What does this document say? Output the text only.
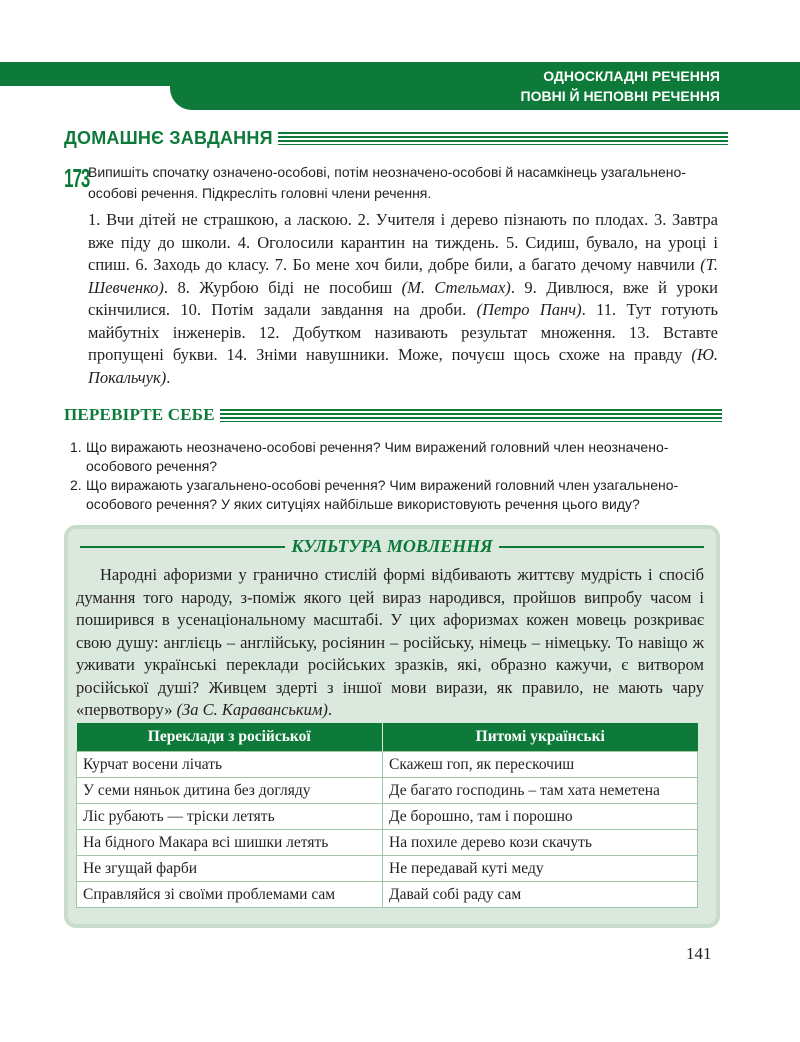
ОДНОСКЛАДНІ РЕЧЕННЯ
ПОВНІ Й НЕПОВНІ РЕЧЕННЯ
ДОМАШНЄ ЗАВДАННЯ
173
Випишіть спочатку означено-особові, потім неозначено-особові й насамкінець узагальнено-особові речення. Підкресліть головні члени речення.
1. Вчи дітей не страшкою, а ласкою. 2. Учителя і дерево пізнають по плодах. 3. Завтра вже піду до школи. 4. Оголосили карантин на тиждень. 5. Сидиш, бувало, на уроці і спиш. 6. Заходь до класу. 7. Бо мене хоч били, добре били, а багато дечому навчили (Т. Шевченко). 8. Журбою біді не пособиш (М. Стельмах). 9. Дивлюся, вже й уроки скінчилися. 10. Потім задали завдання на дроби. (Петро Панч). 11. Тут готують майбутніх інженерів. 12. Добутком називають результат множення. 13. Вставте пропущені букви. 14. Зніми навушники. Може, почуєш щось схоже на правду (Ю. Покальчук).
ПЕРЕВІРТЕ СЕБЕ
1. Що виражають неозначено-особові речення? Чим виражений головний член неозначено-особового речення?
2. Що виражають узагальнено-особові речення? Чим виражений головний член узагальнено-особового речення? У яких ситуціях найбільше використовують речення цього виду?
КУЛЬТУРА МОВЛЕННЯ
Народні афоризми у гранично стислій формі відбивають життєву мудрість і спосіб думання того народу, з-поміж якого цей вираз народився, пройшов випробу часом і поширився в усенаціональному масштабі. У цих афоризмах кожен мовець розкриває свою душу: англієць – англійську, росіянин – російську, німець – німецьку. То навіщо ж уживати українські переклади російських зразків, які, образно кажучи, є витвором російської душі? Живцем здерті з іншої мови вирази, як правило, не мають чару «первотвору» (За С. Караванським).
Переклади з російської	Питомі українські
Курчат восени лічать	Скажеш гоп, як перескочиш
У семи няньок дитина без догляду	Де багато господинь – там хата неметена
Ліс рубають — тріски летять	Де борошно, там і порошно
На бідного Макара всі шишки летять	На похиле дерево кози скачуть
Не згущай фарби	Не передавай куті меду
Справляйся зі своїми проблемами сам	Давай собі раду сам
141
